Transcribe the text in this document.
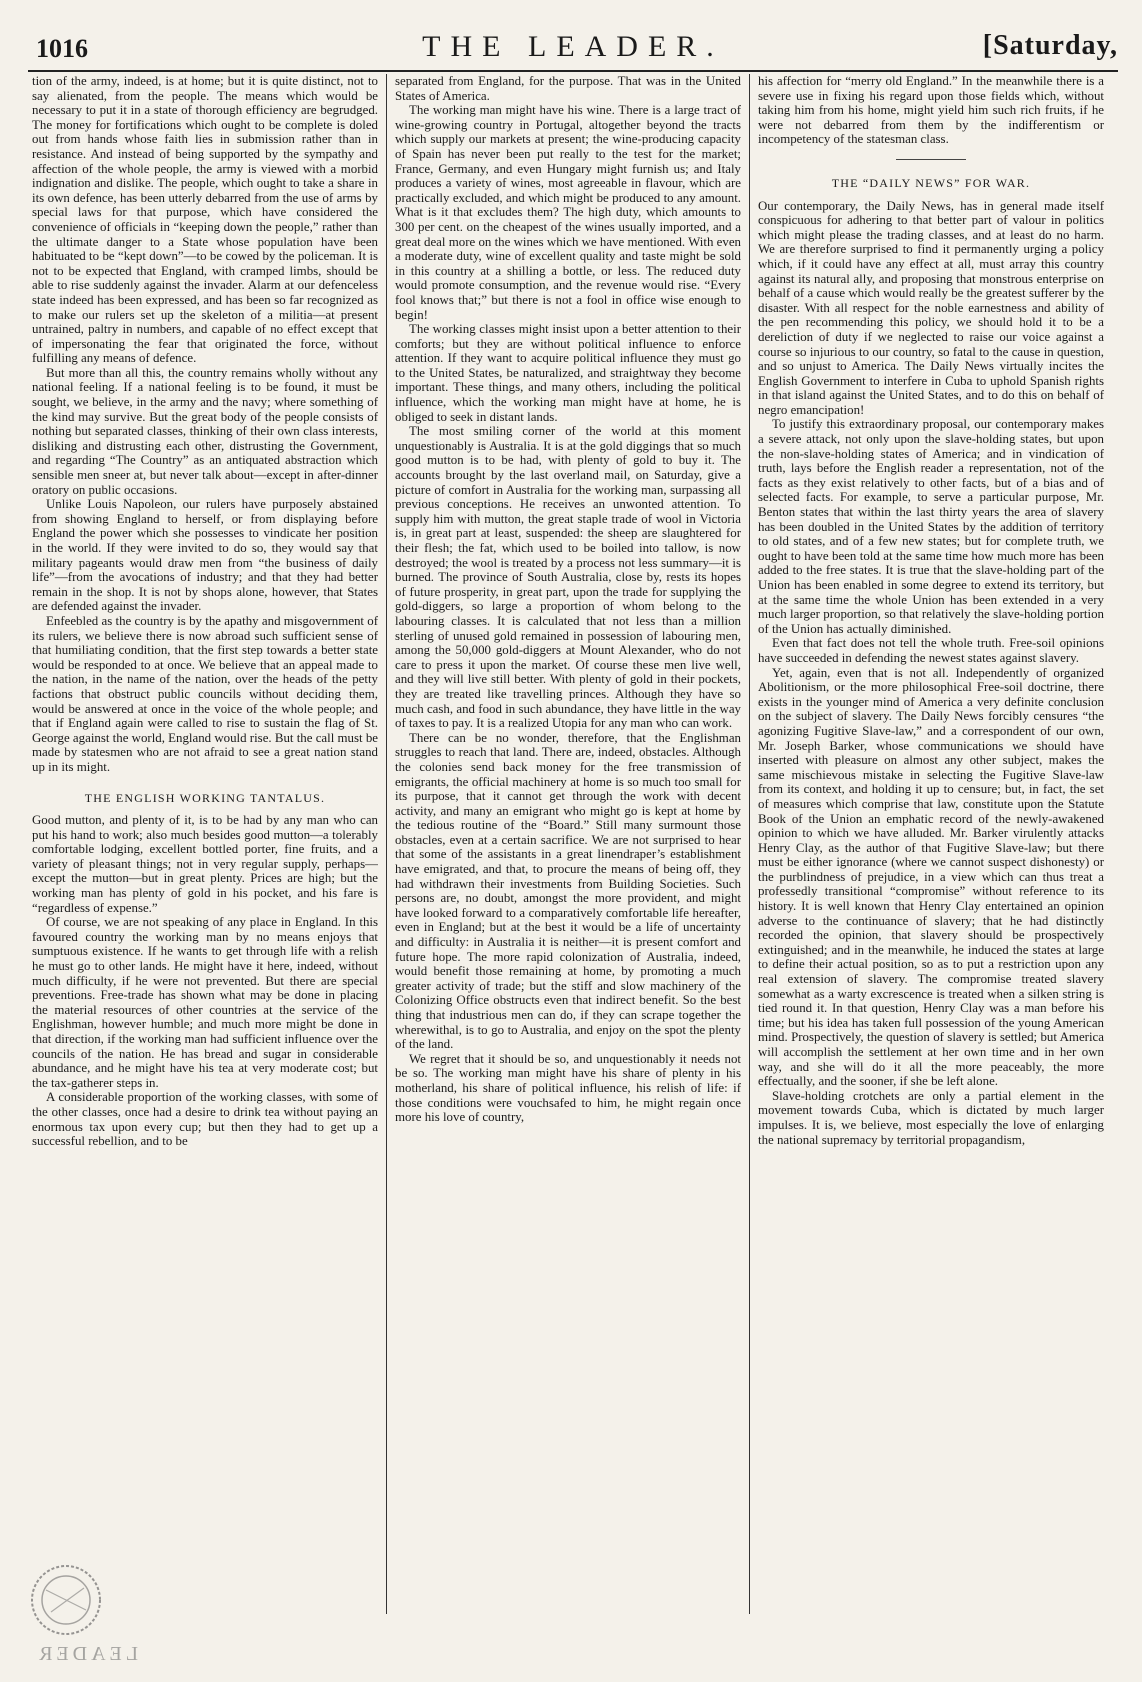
1016	THE LEADER.	[Saturday,

tion of the army, indeed, is at home; but it is quite distinct, not to say alienated, from the people. The means which would be necessary to put it in a state of thorough efficiency are begrudged. The money for fortifications which ought to be complete is doled out from hands whose faith lies in submission rather than in resistance. And instead of being supported by the sympathy and affection of the whole people, the army is viewed with a morbid indignation and dislike. The people, which ought to take a share in its own defence, has been utterly debarred from the use of arms by special laws for that purpose, which have considered the convenience of officials in “keeping down the people,” rather than the ultimate danger to a State whose population have been habituated to be “kept down”—to be cowed by the policeman. It is not to be expected that England, with cramped limbs, should be able to rise suddenly against the invader. Alarm at our defenceless state indeed has been expressed, and has been so far recognized as to make our rulers set up the skeleton of a militia—at present untrained, paltry in numbers, and capable of no effect except that of impersonating the fear that originated the force, without fulfilling any means of defence.

But more than all this, the country remains wholly without any national feeling. If a national feeling is to be found, it must be sought, we believe, in the army and the navy; where something of the kind may survive. But the great body of the people consists of nothing but separated classes, thinking of their own class interests, disliking and distrusting each other, distrusting the Government, and regarding “The Country” as an antiquated abstraction which sensible men sneer at, but never talk about—except in after-dinner oratory on public occasions.

Unlike Louis Napoleon, our rulers have purposely abstained from showing England to herself, or from displaying before England the power which she possesses to vindicate her position in the world. If they were invited to do so, they would say that military pageants would draw men from “the business of daily life”—from the avocations of industry; and that they had better remain in the shop. It is not by shops alone, however, that States are defended against the invader.

Enfeebled as the country is by the apathy and misgovernment of its rulers, we believe there is now abroad such sufficient sense of that humiliating condition, that the first step towards a better state would be responded to at once. We believe that an appeal made to the nation, in the name of the nation, over the heads of the petty factions that obstruct public councils without deciding them, would be answered at once in the voice of the whole people; and that if England again were called to rise to sustain the flag of St. George against the world, England would rise. But the call must be made by statesmen who are not afraid to see a great nation stand up in its might.

THE ENGLISH WORKING TANTALUS.

Good mutton, and plenty of it, is to be had by any man who can put his hand to work; also much besides good mutton—a tolerably comfortable lodging, excellent bottled porter, fine fruits, and a variety of pleasant things; not in very regular supply, perhaps—except the mutton—but in great plenty. Prices are high; but the working man has plenty of gold in his pocket, and his fare is “regardless of expense.”

Of course, we are not speaking of any place in England. In this favoured country the working man by no means enjoys that sumptuous existence. If he wants to get through life with a relish he must go to other lands. He might have it here, indeed, without much difficulty, if he were not prevented. But there are special preventions. Free-trade has shown what may be done in placing the material resources of other countries at the service of the Englishman, however humble; and much more might be done in that direction, if the working man had sufficient influence over the councils of the nation. He has bread and sugar in considerable abundance, and he might have his tea at very moderate cost; but the tax-gatherer steps in.

A considerable proportion of the working classes, with some of the other classes, once had a desire to drink tea without paying an enormous tax upon every cup; but then they had to get up a successful rebellion, and to be

separated from England, for the purpose. That was in the United States of America.

The working man might have his wine. There is a large tract of wine-growing country in Portugal, altogether beyond the tracts which supply our markets at present; the wine-producing capacity of Spain has never been put really to the test for the market; France, Germany, and even Hungary might furnish us; and Italy produces a variety of wines, most agreeable in flavour, which are practically excluded, and which might be produced to any amount. What is it that excludes them? The high duty, which amounts to 300 per cent. on the cheapest of the wines usually imported, and a great deal more on the wines which we have mentioned. With even a moderate duty, wine of excellent quality and taste might be sold in this country at a shilling a bottle, or less. The reduced duty would promote consumption, and the revenue would rise. “Every fool knows that;” but there is not a fool in office wise enough to begin!

The working classes might insist upon a better attention to their comforts; but they are without political influence to enforce attention. If they want to acquire political influence they must go to the United States, be naturalized, and straightway they become important. These things, and many others, including the political influence, which the working man might have at home, he is obliged to seek in distant lands.

The most smiling corner of the world at this moment unquestionably is Australia. It is at the gold diggings that so much good mutton is to be had, with plenty of gold to buy it. The accounts brought by the last overland mail, on Saturday, give a picture of comfort in Australia for the working man, surpassing all previous conceptions. He receives an unwonted attention. To supply him with mutton, the great staple trade of wool in Victoria is, in great part at least, suspended: the sheep are slaughtered for their flesh; the fat, which used to be boiled into tallow, is now destroyed; the wool is treated by a process not less summary—it is burned. The province of South Australia, close by, rests its hopes of future prosperity, in great part, upon the trade for supplying the gold-diggers, so large a proportion of whom belong to the labouring classes. It is calculated that not less than a million sterling of unused gold remained in possession of labouring men, among the 50,000 gold-diggers at Mount Alexander, who do not care to press it upon the market. Of course these men live well, and they will live still better. With plenty of gold in their pockets, they are treated like travelling princes. Although they have so much cash, and food in such abundance, they have little in the way of taxes to pay. It is a realized Utopia for any man who can work.

There can be no wonder, therefore, that the Englishman struggles to reach that land. There are, indeed, obstacles. Although the colonies send back money for the free transmission of emigrants, the official machinery at home is so much too small for its purpose, that it cannot get through the work with decent activity, and many an emigrant who might go is kept at home by the tedious routine of the “Board.” Still many surmount those obstacles, even at a certain sacrifice. We are not surprised to hear that some of the assistants in a great linendraper’s establishment have emigrated, and that, to procure the means of being off, they had withdrawn their investments from Building Societies. Such persons are, no doubt, amongst the more provident, and might have looked forward to a comparatively comfortable life hereafter, even in England; but at the best it would be a life of uncertainty and difficulty: in Australia it is neither—it is present comfort and future hope. The more rapid colonization of Australia, indeed, would benefit those remaining at home, by promoting a much greater activity of trade; but the stiff and slow machinery of the Colonizing Office obstructs even that indirect benefit. So the best thing that industrious men can do, if they can scrape together the wherewithal, is to go to Australia, and enjoy on the spot the plenty of the land.

We regret that it should be so, and unquestionably it needs not be so. The working man might have his share of plenty in his motherland, his share of political influence, his relish of life: if those conditions were vouchsafed to him, he might regain once more his love of country,

his affection for “merry old England.” In the meanwhile there is a severe use in fixing his regard upon those fields which, without taking him from his home, might yield him such rich fruits, if he were not debarred from them by the indifferentism or incompetency of the statesman class.

THE “DAILY NEWS” FOR WAR.

Our contemporary, the Daily News, has in general made itself conspicuous for adhering to that better part of valour in politics which might please the trading classes, and at least do no harm. We are therefore surprised to find it permanently urging a policy which, if it could have any effect at all, must array this country against its natural ally, and proposing that monstrous enterprise on behalf of a cause which would really be the greatest sufferer by the disaster. With all respect for the noble earnestness and ability of the pen recommending this policy, we should hold it to be a dereliction of duty if we neglected to raise our voice against a course so injurious to our country, so fatal to the cause in question, and so unjust to America. The Daily News virtually incites the English Government to interfere in Cuba to uphold Spanish rights in that island against the United States, and to do this on behalf of negro emancipation!

To justify this extraordinary proposal, our contemporary makes a severe attack, not only upon the slave-holding states, but upon the non-slave-holding states of America; and in vindication of truth, lays before the English reader a representation, not of the facts as they exist relatively to other facts, but of a bias and of selected facts. For example, to serve a particular purpose, Mr. Benton states that within the last thirty years the area of slavery has been doubled in the United States by the addition of territory to old states, and of a few new states; but for complete truth, we ought to have been told at the same time how much more has been added to the free states. It is true that the slave-holding part of the Union has been enabled in some degree to extend its territory, but at the same time the whole Union has been extended in a very much larger proportion, so that relatively the slave-holding portion of the Union has actually diminished.

Even that fact does not tell the whole truth. Free-soil opinions have succeeded in defending the newest states against slavery.

Yet, again, even that is not all. Independently of organized Abolitionism, or the more philosophical Free-soil doctrine, there exists in the younger mind of America a very definite conclusion on the subject of slavery. The Daily News forcibly censures “the agonizing Fugitive Slave-law,” and a correspondent of our own, Mr. Joseph Barker, whose communications we should have inserted with pleasure on almost any other subject, makes the same mischievous mistake in selecting the Fugitive Slave-law from its context, and holding it up to censure; but, in fact, the set of measures which comprise that law, constitute upon the Statute Book of the Union an emphatic record of the newly-awakened opinion to which we have alluded. Mr. Barker virulently attacks Henry Clay, as the author of that Fugitive Slave-law; but there must be either ignorance (where we cannot suspect dishonesty) or the purblindness of prejudice, in a view which can thus treat a professedly transitional “compromise” without reference to its history. It is well known that Henry Clay entertained an opinion adverse to the continuance of slavery; that he had distinctly recorded the opinion, that slavery should be prospectively extinguished; and in the meanwhile, he induced the states at large to define their actual position, so as to put a restriction upon any real extension of slavery. The compromise treated slavery somewhat as a warty excrescence is treated when a silken string is tied round it. In that question, Henry Clay was a man before his time; but his idea has taken full possession of the young American mind. Prospectively, the question of slavery is settled; but America will accomplish the settlement at her own time and in her own way, and she will do it all the more peaceably, the more effectually, and the sooner, if she be left alone.

Slave-holding crotchets are only a partial element in the movement towards Cuba, which is dictated by much larger impulses. It is, we believe, most especially the love of enlarging the national supremacy by territorial propagandism,

LEADER
